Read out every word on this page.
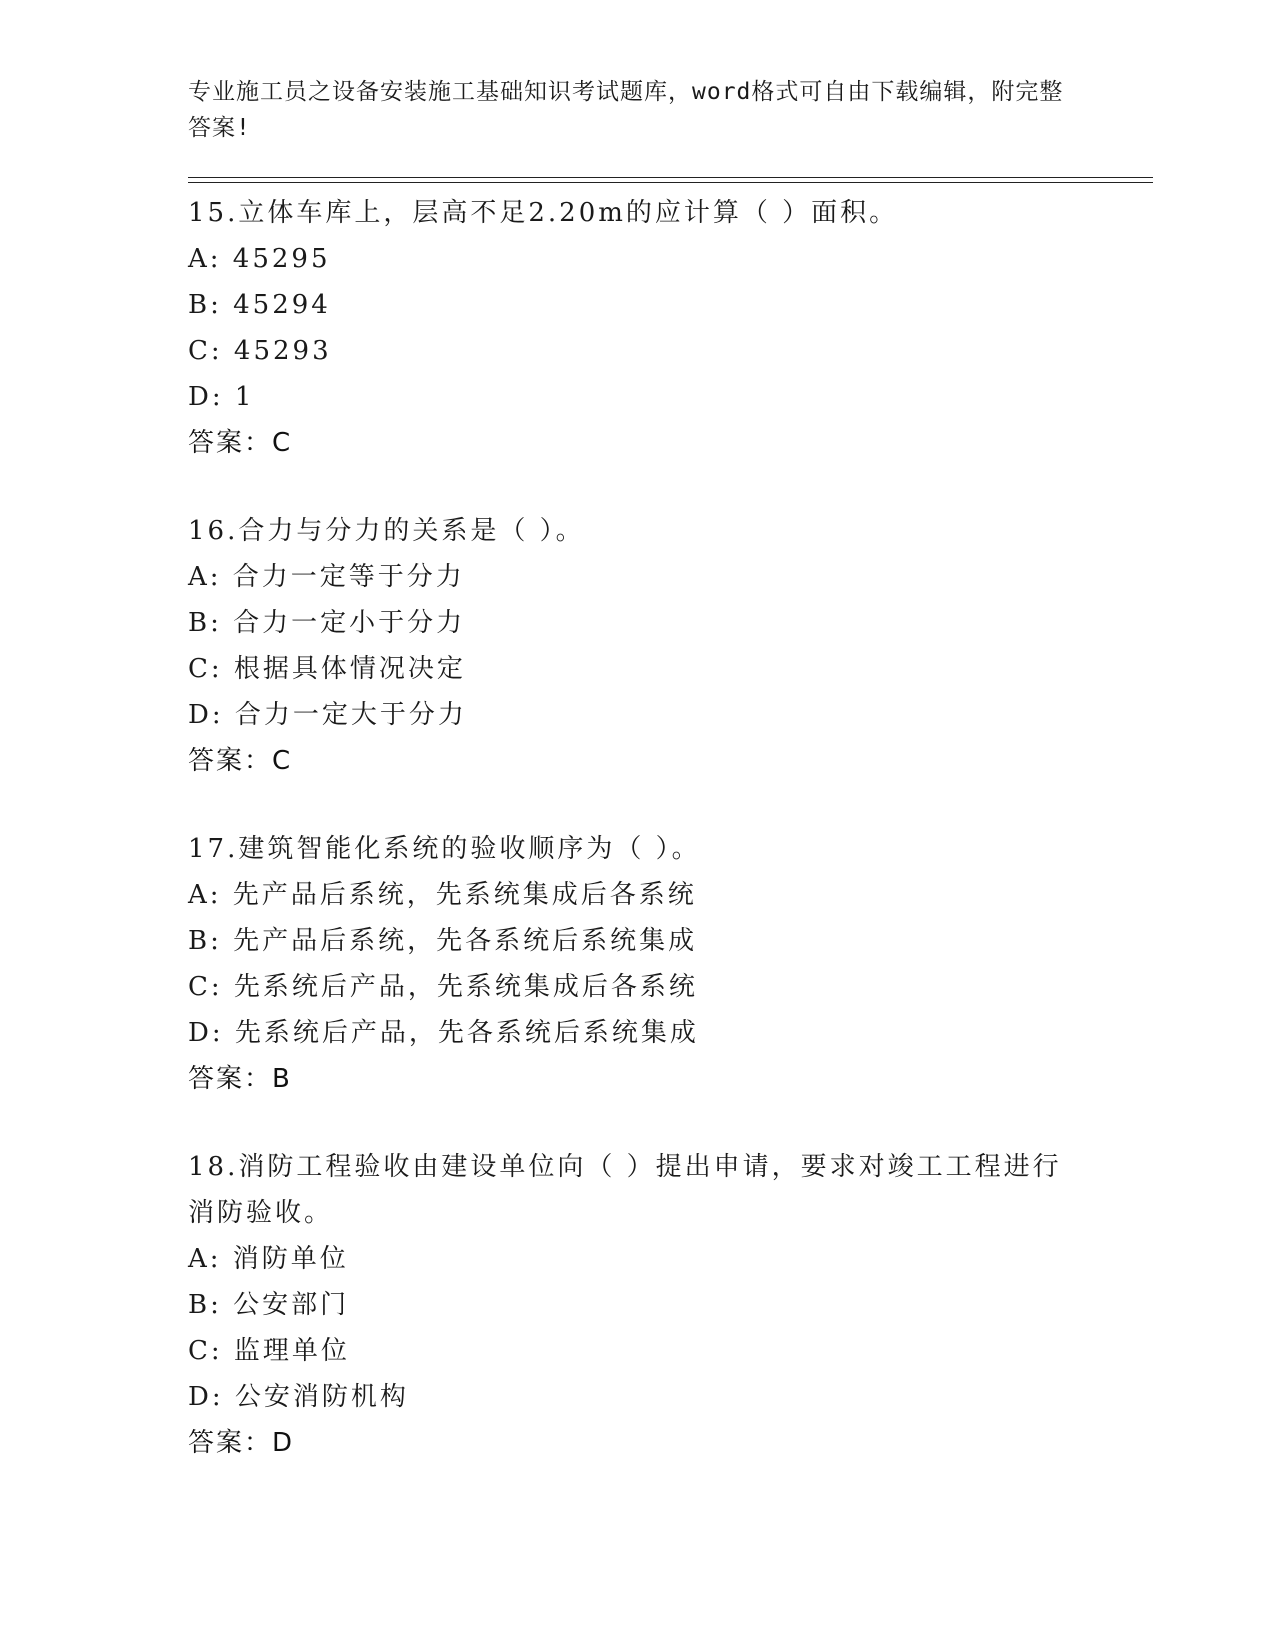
专业施工员之设备安装施工基础知识考试题库，word格式可自由下载编辑，附完整答案!

15.立体车库上，层高不足2.20m的应计算（ ）面积。

A: 45295

B: 45294

C: 45293

D: 1

答案：C

16.合力与分力的关系是（ ）。

A: 合力一定等于分力

B: 合力一定小于分力

C: 根据具体情况决定

D: 合力一定大于分力

答案：C

17.建筑智能化系统的验收顺序为（ ）。

A: 先产品后系统，先系统集成后各系统

B: 先产品后系统，先各系统后系统集成

C: 先系统后产品，先系统集成后各系统

D: 先系统后产品，先各系统后系统集成

答案：B

18.消防工程验收由建设单位向（ ）提出申请，要求对竣工工程进行消防验收。

A: 消防单位

B: 公安部门

C: 监理单位

D: 公安消防机构

答案：D
